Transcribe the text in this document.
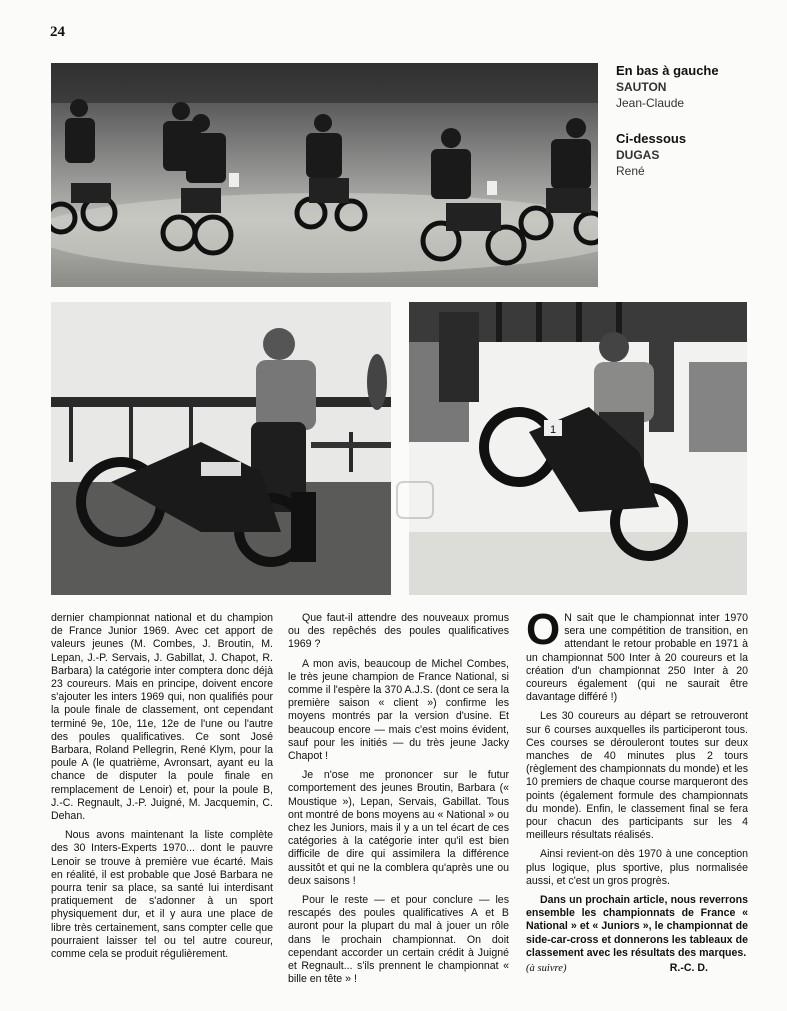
24
En bas à gauche
SAUTON
Jean-Claude
Ci-dessous
DUGAS
René
1

dernier championnat national et du champion de France Junior 1969. Avec cet apport de valeurs jeunes (M. Combes, J. Broutin, M. Lepan, J.-P. Servais, J. Gabillat, J. Chapot, R. Barbara) la catégorie inter comptera donc déjà 23 coureurs. Mais en principe, doivent encore s'ajouter les inters 1969 qui, non qualifiés pour la poule finale de classement, ont cependant terminé 9e, 10e, 11e, 12e de l'une ou l'autre des poules qualificatives. Ce sont José Barbara, Roland Pellegrin, René Klym, pour la poule A (le quatrième, Avronsart, ayant eu la chance de disputer la poule finale en remplacement de Lenoir) et, pour la poule B, J.-C. Regnault, J.-P. Juigné, M. Jacquemin, C. Dehan.

Nous avons maintenant la liste complète des 30 Inters-Experts 1970... dont le pauvre Lenoir se trouve à première vue écarté. Mais en réalité, il est probable que José Barbara ne pourra tenir sa place, sa santé lui interdisant pratiquement de s'adonner à un sport physiquement dur, et il y aura une place de libre très certainement, sans compter celle que pourraient laisser tel ou tel autre coureur, comme cela se produit régulièrement.

Que faut-il attendre des nouveaux promus ou des repêchés des poules qualificatives 1969 ?

A mon avis, beaucoup de Michel Combes, le très jeune champion de France National, si comme il l'espère la 370 A.J.S. (dont ce sera la première saison « client ») confirme les moyens montrés par la version d'usine. Et beaucoup encore — mais c'est moins évident, sauf pour les initiés — du très jeune Jacky Chapot !

Je n'ose me prononcer sur le futur comportement des jeunes Broutin, Barbara (« Moustique »), Lepan, Servais, Gabillat. Tous ont montré de bons moyens au « National » ou chez les Juniors, mais il y a un tel écart de ces catégories à la catégorie inter qu'il est bien difficile de dire qui assimilera la différence aussitôt et qui ne la comblera qu'après une ou deux saisons !

Pour le reste — et pour conclure — les rescapés des poules qualificatives A et B auront pour la plupart du mal à jouer un rôle dans le prochain championnat. On doit cependant accorder un certain crédit à Juigné et Regnault... s'ils prennent le championnat « bille en tête » !

O N sait que le championnat inter 1970 sera une compétition de transition, en attendant le retour probable en 1971 à un championnat 500 Inter à 20 coureurs et la création d'un championnat 250 Inter à 20 coureurs également (qui ne saurait être davantage différé !)

Les 30 coureurs au départ se retrouveront sur 6 courses auxquelles ils participeront tous. Ces courses se dérouleront toutes sur deux manches de 40 minutes plus 2 tours (règlement des championnats du monde) et les 10 premiers de chaque course marqueront des points (également formule des championnats du monde). Enfin, le classement final se fera pour chacun des participants sur les 4 meilleurs résultats réalisés.

Ainsi revient-on dès 1970 à une conception plus logique, plus sportive, plus normalisée aussi, et c'est un gros progrès.

Dans un prochain article, nous reverrons ensemble les championnats de France « National » et « Juniors », le championnat de side-car-cross et donnerons les tableaux de classement avec les résultats des marques.

(à suivre)	R.-C. D.
